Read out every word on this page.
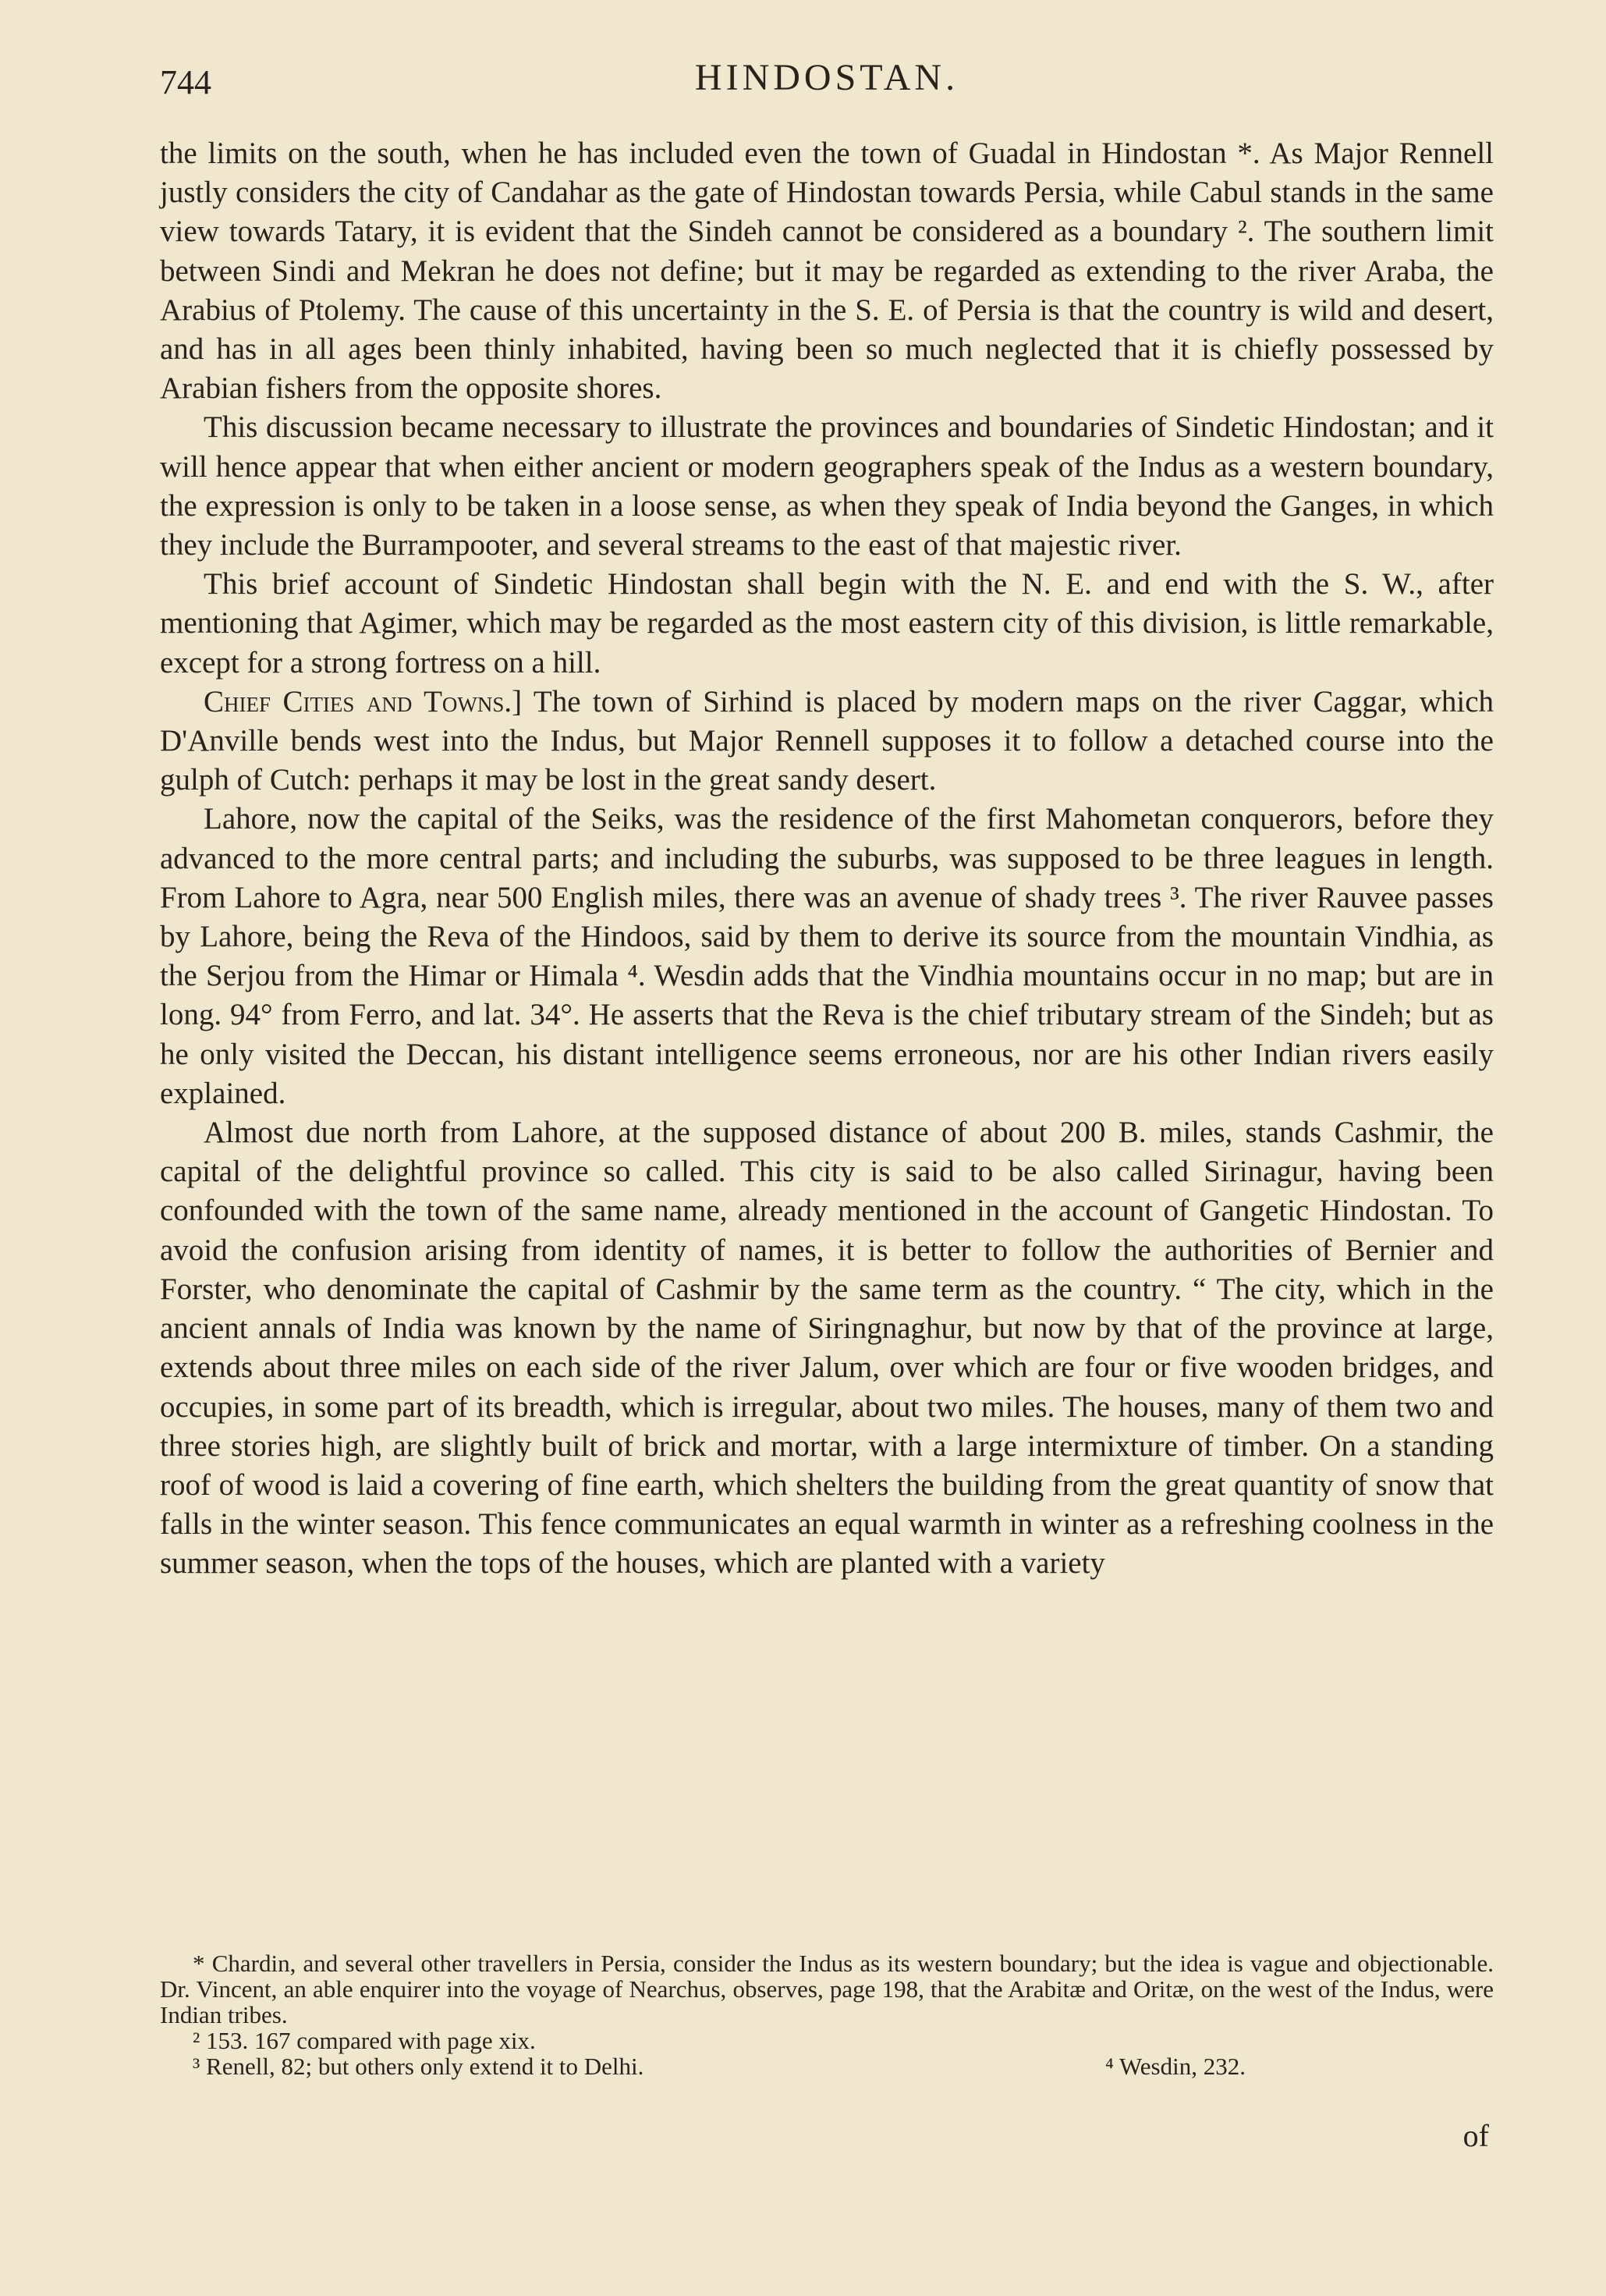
744	HINDOSTAN.

the limits on the south, when he has included even the town of Guadal in Hindostan *. As Major Rennell justly considers the city of Candahar as the gate of Hindostan towards Persia, while Cabul stands in the same view towards Tatary, it is evident that the Sindeh cannot be considered as a boundary ². The southern limit between Sindi and Mekran he does not define; but it may be regarded as extending to the river Araba, the Arabius of Ptolemy. The cause of this uncertainty in the S. E. of Persia is that the country is wild and desert, and has in all ages been thinly inhabited, having been so much neglected that it is chiefly possessed by Arabian fishers from the opposite shores.

This discussion became necessary to illustrate the provinces and boundaries of Sindetic Hindostan; and it will hence appear that when either ancient or modern geographers speak of the Indus as a western boundary, the expression is only to be taken in a loose sense, as when they speak of India beyond the Ganges, in which they include the Burrampooter, and several streams to the east of that majestic river.

This brief account of Sindetic Hindostan shall begin with the N. E. and end with the S. W., after mentioning that Agimer, which may be regarded as the most eastern city of this division, is little remarkable, except for a strong fortress on a hill.

Chief Cities and Towns.] The town of Sirhind is placed by modern maps on the river Caggar, which D'Anville bends west into the Indus, but Major Rennell supposes it to follow a detached course into the gulph of Cutch: perhaps it may be lost in the great sandy desert.

Lahore, now the capital of the Seiks, was the residence of the first Mahometan conquerors, before they advanced to the more central parts; and including the suburbs, was supposed to be three leagues in length. From Lahore to Agra, near 500 English miles, there was an avenue of shady trees ³. The river Rauvee passes by Lahore, being the Reva of the Hindoos, said by them to derive its source from the mountain Vindhia, as the Serjou from the Himar or Himala ⁴. Wesdin adds that the Vindhia mountains occur in no map; but are in long. 94° from Ferro, and lat. 34°. He asserts that the Reva is the chief tributary stream of the Sindeh; but as he only visited the Deccan, his distant intelligence seems erroneous, nor are his other Indian rivers easily explained.

Almost due north from Lahore, at the supposed distance of about 200 B. miles, stands Cashmir, the capital of the delightful province so called. This city is said to be also called Sirinagur, having been confounded with the town of the same name, already mentioned in the account of Gangetic Hindostan. To avoid the confusion arising from identity of names, it is better to follow the authorities of Bernier and Forster, who denominate the capital of Cashmir by the same term as the country. “ The city, which in the ancient annals of India was known by the name of Siringnaghur, but now by that of the province at large, extends about three miles on each side of the river Jalum, over which are four or five wooden bridges, and occupies, in some part of its breadth, which is irregular, about two miles. The houses, many of them two and three stories high, are slightly built of brick and mortar, with a large intermixture of timber. On a standing roof of wood is laid a covering of fine earth, which shelters the building from the great quantity of snow that falls in the winter season. This fence communicates an equal warmth in winter as a refreshing coolness in the summer season, when the tops of the houses, which are planted with a variety

* Chardin, and several other travellers in Persia, consider the Indus as its western boundary; but the idea is vague and objectionable. Dr. Vincent, an able enquirer into the voyage of Nearchus, observes, page 198, that the Arabitæ and Oritæ, on the west of the Indus, were Indian tribes.

² 153. 167 compared with page xix.

³ Renell, 82; but others only extend it to Delhi.	⁴ Wesdin, 232.
of
